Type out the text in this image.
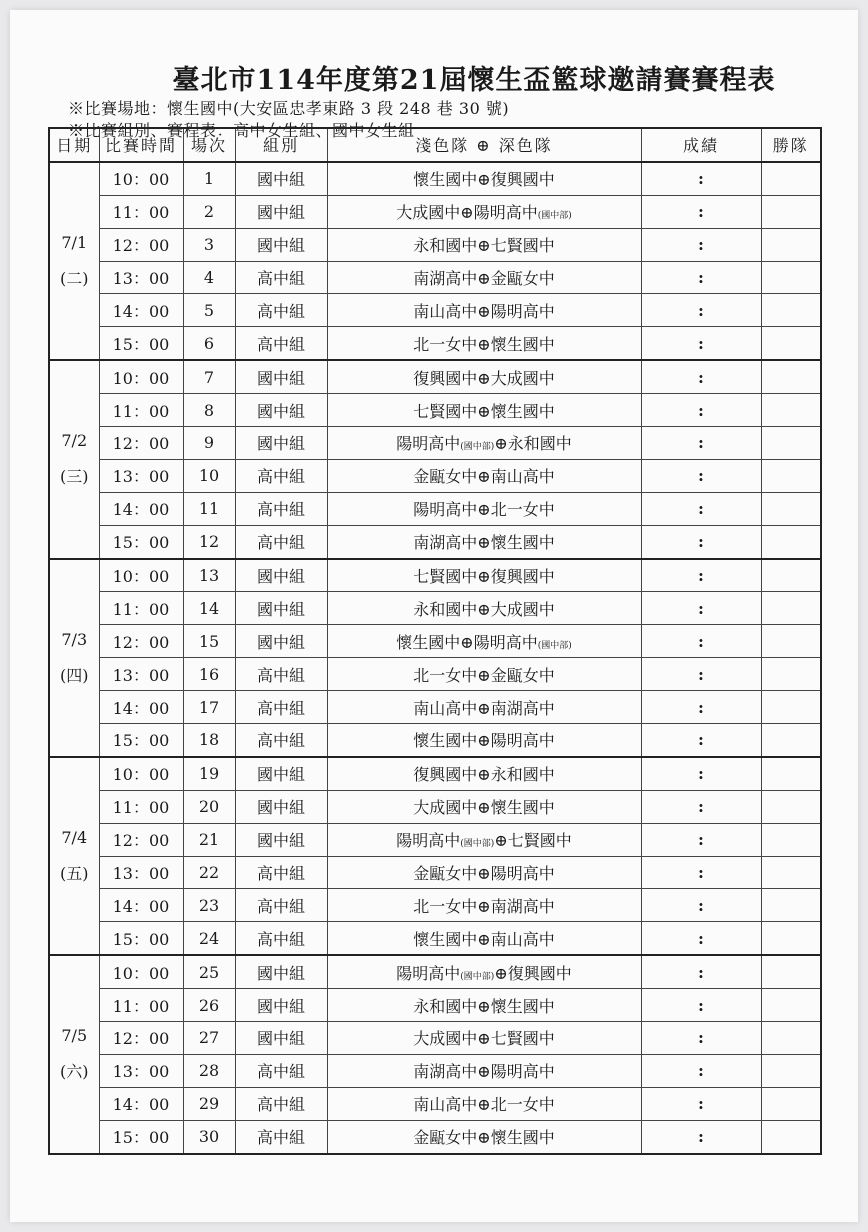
臺北市114年度第21屆懷生盃籃球邀請賽賽程表
※比賽場地：懷生國中(大安區忠孝東路 3 段 248 巷 30 號)
※比賽組別、賽程表：高中女生組、國中女生組
日期	比賽時間	場次	組別	淺色隊 ⊕ 深色隊	成績	勝隊

7/1
(二)	10：00	1	國中組	懷生國中⊕復興國中	:	
	11：00	2	國中組	大成國中⊕陽明高中(國中部)	:	
	12：00	3	國中組	永和國中⊕七賢國中	:	
	13：00	4	高中組	南湖高中⊕金甌女中	:	
	14：00	5	高中組	南山高中⊕陽明高中	:	
	15：00	6	高中組	北一女中⊕懷生國中	:	

7/2
(三)	10：00	7	國中組	復興國中⊕大成國中	:	
	11：00	8	國中組	七賢國中⊕懷生國中	:	
	12：00	9	國中組	陽明高中(國中部)⊕永和國中	:	
	13：00	10	高中組	金甌女中⊕南山高中	:	
	14：00	11	高中組	陽明高中⊕北一女中	:	
	15：00	12	高中組	南湖高中⊕懷生國中	:	

7/3
(四)	10：00	13	國中組	七賢國中⊕復興國中	:	
	11：00	14	國中組	永和國中⊕大成國中	:	
	12：00	15	國中組	懷生國中⊕陽明高中(國中部)	:	
	13：00	16	高中組	北一女中⊕金甌女中	:	
	14：00	17	高中組	南山高中⊕南湖高中	:	
	15：00	18	高中組	懷生國中⊕陽明高中	:	

7/4
(五)	10：00	19	國中組	復興國中⊕永和國中	:	
	11：00	20	國中組	大成國中⊕懷生國中	:	
	12：00	21	國中組	陽明高中(國中部)⊕七賢國中	:	
	13：00	22	高中組	金甌女中⊕陽明高中	:	
	14：00	23	高中組	北一女中⊕南湖高中	:	
	15：00	24	高中組	懷生國中⊕南山高中	:	

7/5
(六)	10：00	25	國中組	陽明高中(國中部)⊕復興國中	:	
	11：00	26	國中組	永和國中⊕懷生國中	:	
	12：00	27	國中組	大成國中⊕七賢國中	:	
	13：00	28	高中組	南湖高中⊕陽明高中	:	
	14：00	29	高中組	南山高中⊕北一女中	:	
	15：00	30	高中組	金甌女中⊕懷生國中	:	
